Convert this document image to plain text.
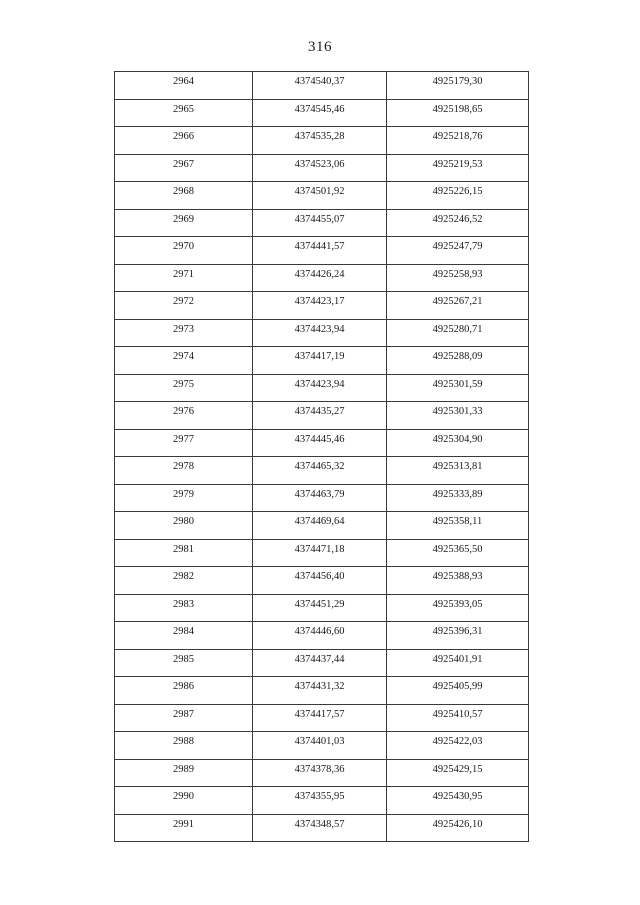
316
2964	4374540,37	4925179,30
2965	4374545,46	4925198,65
2966	4374535,28	4925218,76
2967	4374523,06	4925219,53
2968	4374501,92	4925226,15
2969	4374455,07	4925246,52
2970	4374441,57	4925247,79
2971	4374426,24	4925258,93
2972	4374423,17	4925267,21
2973	4374423,94	4925280,71
2974	4374417,19	4925288,09
2975	4374423,94	4925301,59
2976	4374435,27	4925301,33
2977	4374445,46	4925304,90
2978	4374465,32	4925313,81
2979	4374463,79	4925333,89
2980	4374469,64	4925358,11
2981	4374471,18	4925365,50
2982	4374456,40	4925388,93
2983	4374451,29	4925393,05
2984	4374446,60	4925396,31
2985	4374437,44	4925401,91
2986	4374431,32	4925405,99
2987	4374417,57	4925410,57
2988	4374401,03	4925422,03
2989	4374378,36	4925429,15
2990	4374355,95	4925430,95
2991	4374348,57	4925426,10
